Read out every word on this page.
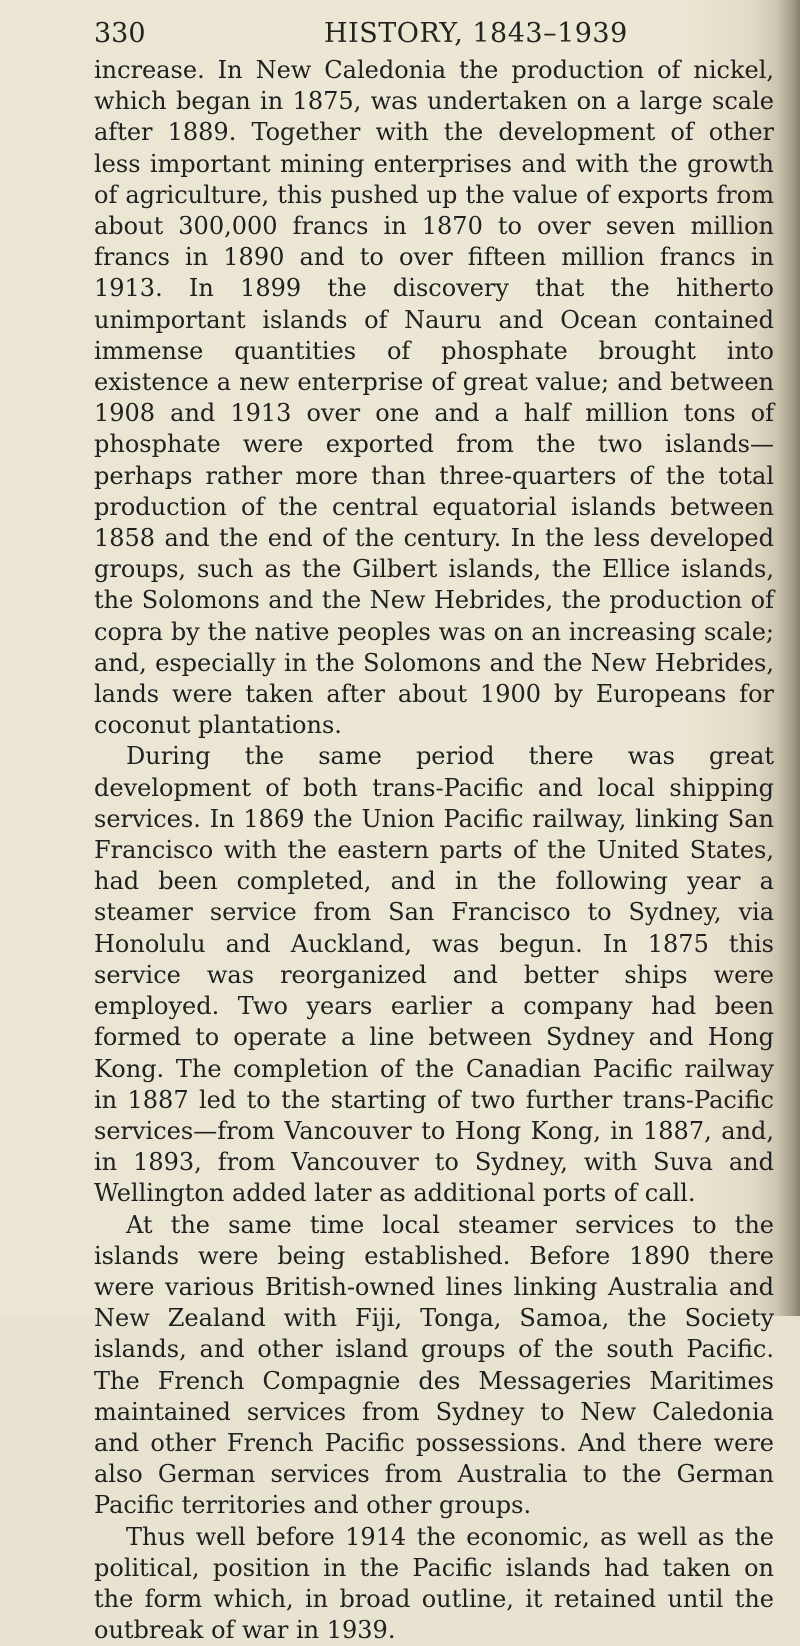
330	HISTORY, 1843–1939

increase. In New Caledonia the production of nickel, which began in 1875, was undertaken on a large scale after 1889. Together with the development of other less important mining enterprises and with the growth of agriculture, this pushed up the value of exports from about 300,000 francs in 1870 to over seven million francs in 1890 and to over fifteen million francs in 1913. In 1899 the discovery that the hitherto unimportant islands of Nauru and Ocean contained immense quantities of phosphate brought into existence a new enterprise of great value; and between 1908 and 1913 over one and a half million tons of phosphate were exported from the two islands—perhaps rather more than three-quarters of the total production of the central equatorial islands between 1858 and the end of the century. In the less developed groups, such as the Gilbert islands, the Ellice islands, the Solomons and the New Hebrides, the production of copra by the native peoples was on an increasing scale; and, especially in the Solomons and the New Hebrides, lands were taken after about 1900 by Europeans for coconut plantations.

During the same period there was great development of both trans-Pacific and local shipping services. In 1869 the Union Pacific railway, linking San Francisco with the eastern parts of the United States, had been completed, and in the following year a steamer service from San Francisco to Sydney, via Honolulu and Auckland, was begun. In 1875 this service was reorganized and better ships were employed. Two years earlier a company had been formed to operate a line between Sydney and Hong Kong. The completion of the Canadian Pacific railway in 1887 led to the starting of two further trans-Pacific services—from Vancouver to Hong Kong, in 1887, and, in 1893, from Vancouver to Sydney, with Suva and Wellington added later as additional ports of call.

At the same time local steamer services to the islands were being established. Before 1890 there were various British-owned lines linking Australia and New Zealand with Fiji, Tonga, Samoa, the Society islands, and other island groups of the south Pacific. The French Compagnie des Messageries Maritimes maintained services from Sydney to New Caledonia and other French Pacific possessions. And there were also German services from Australia to the German Pacific territories and other groups.

Thus well before 1914 the economic, as well as the political, position in the Pacific islands had taken on the form which, in broad outline, it retained until the outbreak of war in 1939.
